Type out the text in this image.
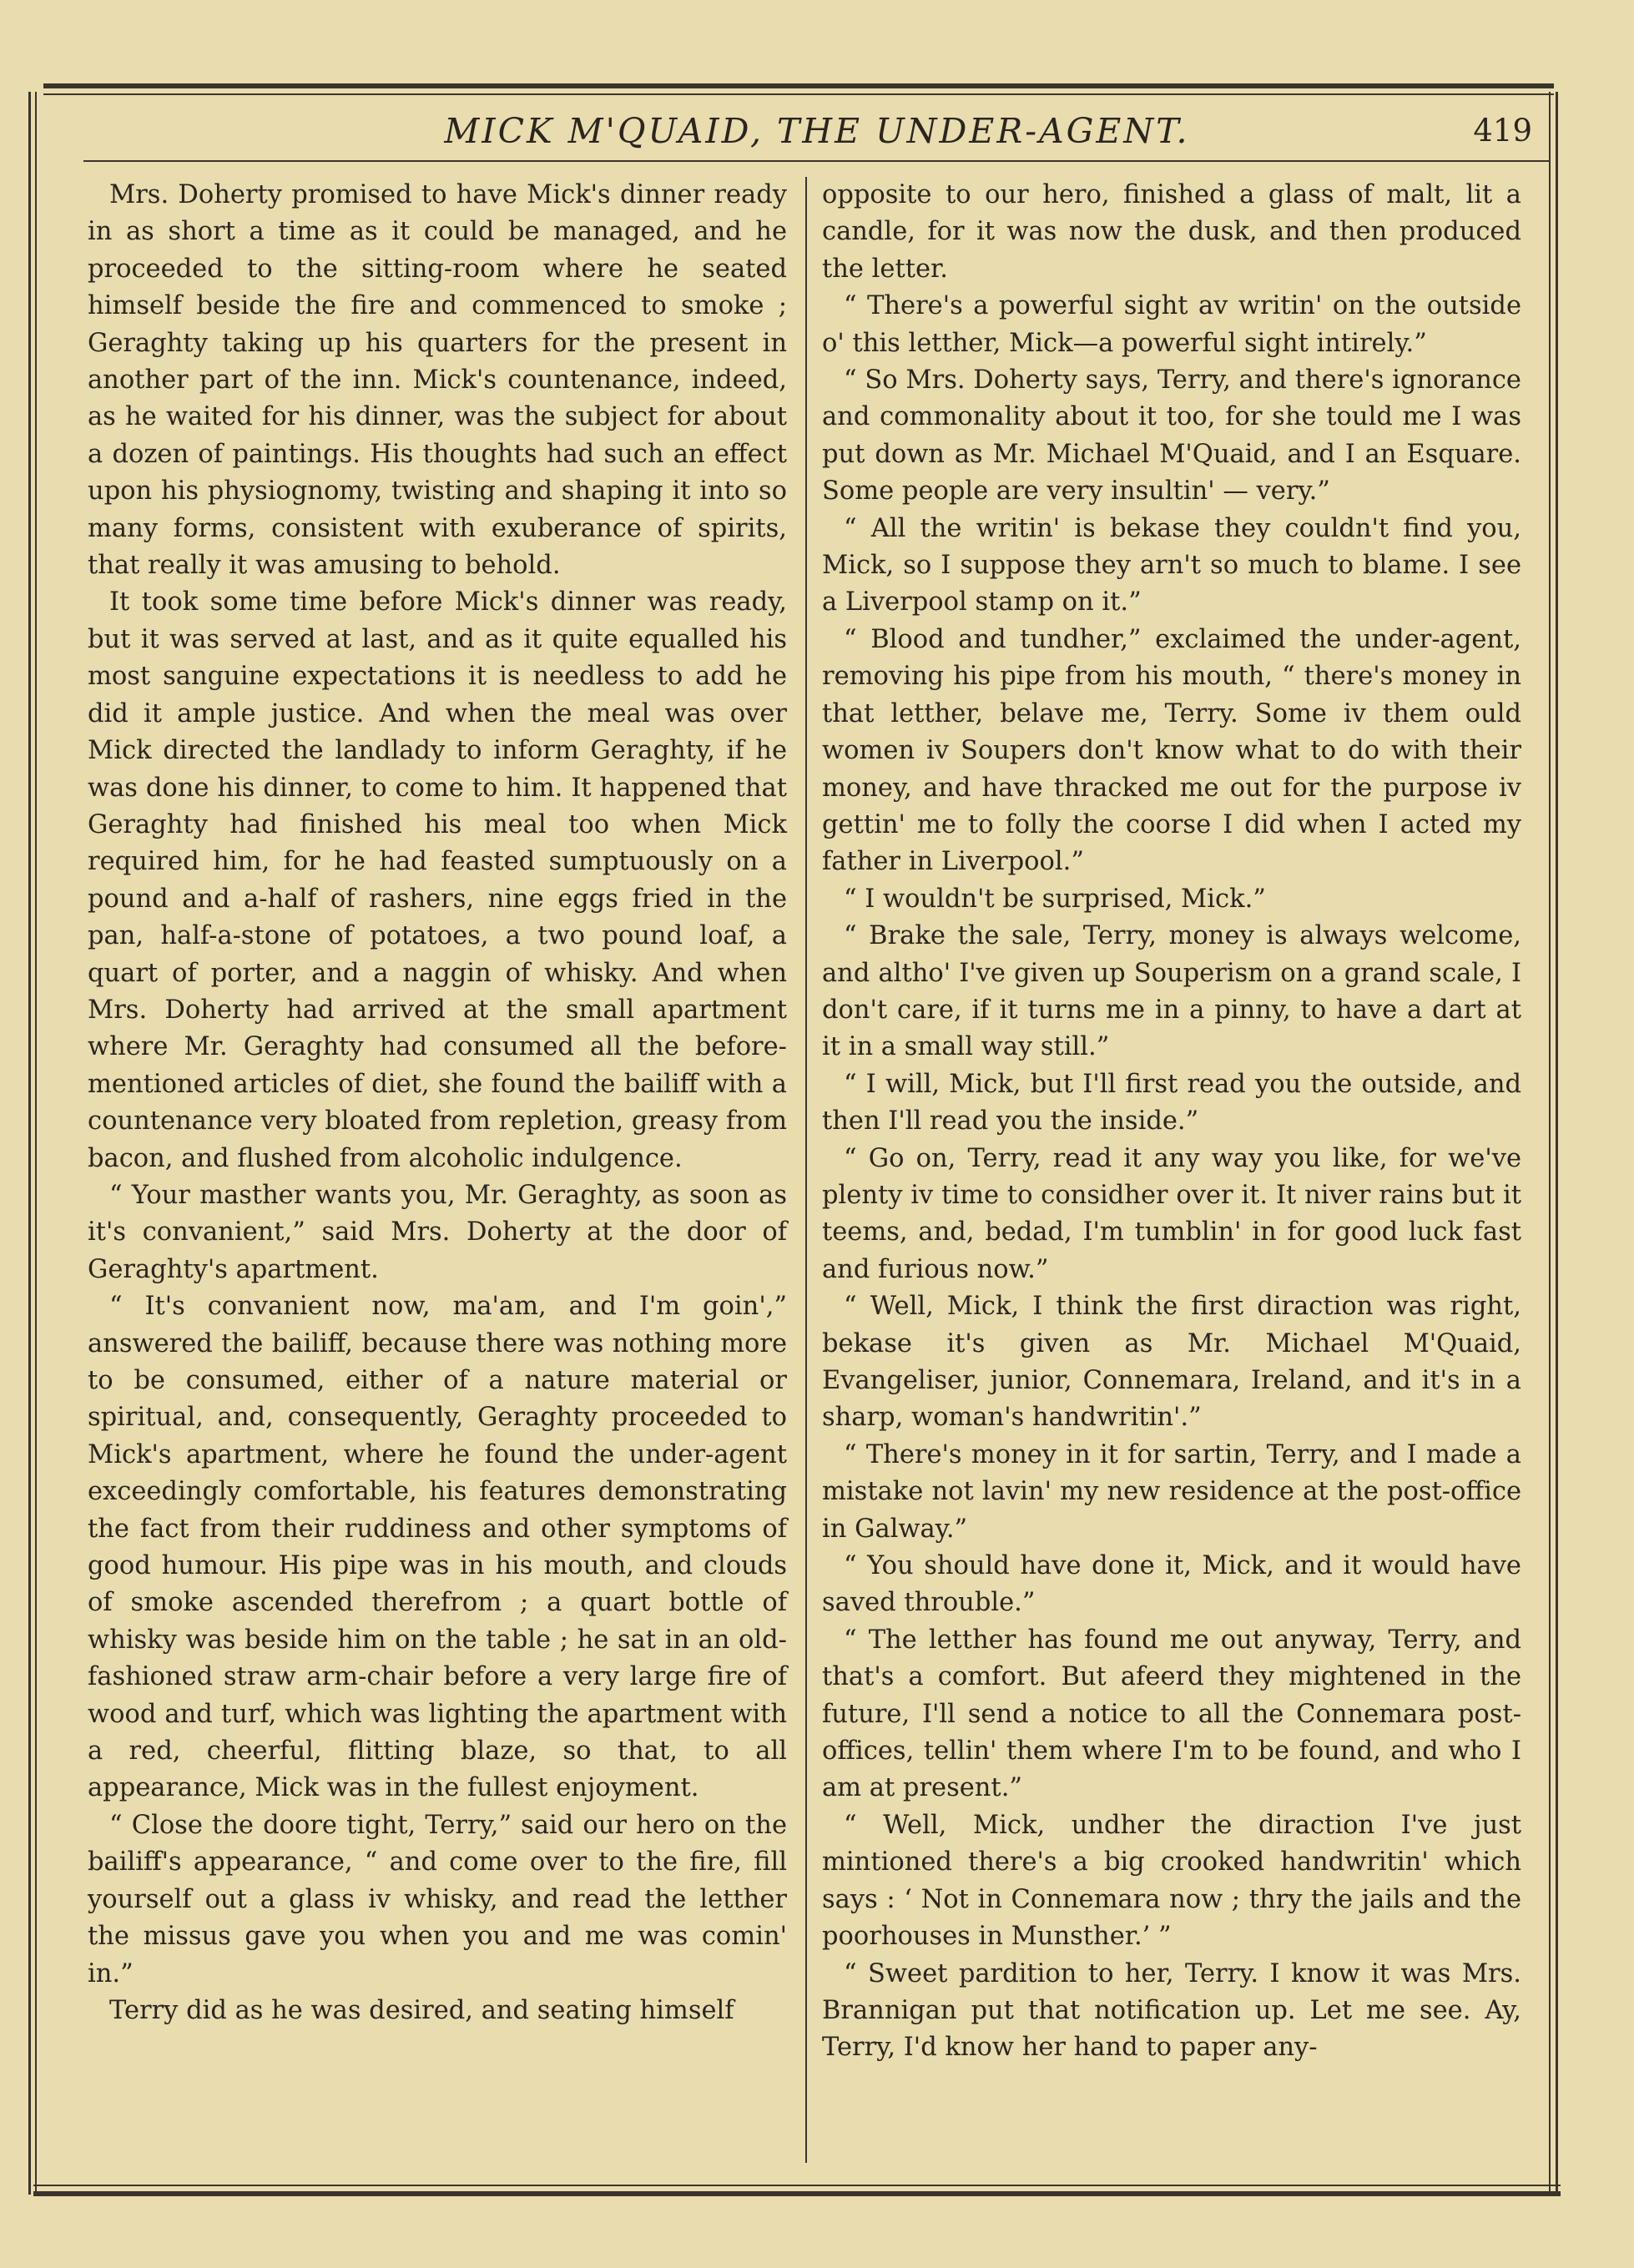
MICK M'QUAID, THE UNDER-AGENT.	419

Mrs. Doherty promised to have Mick's dinner ready in as short a time as it could be managed, and he proceeded to the sitting-room where he seated himself beside the fire and commenced to smoke ; Geraghty taking up his quarters for the present in another part of the inn. Mick's countenance, indeed, as he waited for his dinner, was the subject for about a dozen of paintings. His thoughts had such an effect upon his physiognomy, twisting and shaping it into so many forms, consistent with exuberance of spirits, that really it was amusing to behold.

It took some time before Mick's dinner was ready, but it was served at last, and as it quite equalled his most sanguine expectations it is needless to add he did it ample justice. And when the meal was over Mick directed the landlady to inform Geraghty, if he was done his dinner, to come to him. It happened that Geraghty had finished his meal too when Mick required him, for he had feasted sumptuously on a pound and a-half of rashers, nine eggs fried in the pan, half-a-stone of potatoes, a two pound loaf, a quart of porter, and a naggin of whisky. And when Mrs. Doherty had arrived at the small apartment where Mr. Geraghty had consumed all the before-mentioned articles of diet, she found the bailiff with a countenance very bloated from repletion, greasy from bacon, and flushed from alcoholic indulgence.

“ Your masther wants you, Mr. Geraghty, as soon as it's convanient,” said Mrs. Doherty at the door of Geraghty's apartment.

“ It's convanient now, ma'am, and I'm goin',” answered the bailiff, because there was nothing more to be consumed, either of a nature material or spiritual, and, consequently, Geraghty proceeded to Mick's apartment, where he found the under-agent exceedingly comfortable, his features demonstrating the fact from their ruddiness and other symptoms of good humour. His pipe was in his mouth, and clouds of smoke ascended therefrom ; a quart bottle of whisky was beside him on the table ; he sat in an old-fashioned straw arm-chair before a very large fire of wood and turf, which was lighting the apartment with a red, cheerful, flitting blaze, so that, to all appearance, Mick was in the fullest enjoyment.

“ Close the doore tight, Terry,” said our hero on the bailiff's appearance, “ and come over to the fire, fill yourself out a glass iv whisky, and read the letther the missus gave you when you and me was comin' in.”

Terry did as he was desired, and seating himself

opposite to our hero, finished a glass of malt, lit a candle, for it was now the dusk, and then produced the letter.

“ There's a powerful sight av writin' on the outside o' this letther, Mick—a powerful sight intirely.”

“ So Mrs. Doherty says, Terry, and there's ignorance and commonality about it too, for she tould me I was put down as Mr. Michael M'Quaid, and I an Esquare. Some people are very insultin' — very.”

“ All the writin' is bekase they couldn't find you, Mick, so I suppose they arn't so much to blame. I see a Liverpool stamp on it.”

“ Blood and tundher,” exclaimed the under-agent, removing his pipe from his mouth, “ there's money in that letther, belave me, Terry. Some iv them ould women iv Soupers don't know what to do with their money, and have thracked me out for the purpose iv gettin' me to folly the coorse I did when I acted my father in Liverpool.”

“ I wouldn't be surprised, Mick.”

“ Brake the sale, Terry, money is always welcome, and altho' I've given up Souperism on a grand scale, I don't care, if it turns me in a pinny, to have a dart at it in a small way still.”

“ I will, Mick, but I'll first read you the outside, and then I'll read you the inside.”

“ Go on, Terry, read it any way you like, for we've plenty iv time to considher over it. It niver rains but it teems, and, bedad, I'm tumblin' in for good luck fast and furious now.”

“ Well, Mick, I think the first diraction was right, bekase it's given as Mr. Michael M'Quaid, Evangeliser, junior, Connemara, Ireland, and it's in a sharp, woman's handwritin'.”

“ There's money in it for sartin, Terry, and I made a mistake not lavin' my new residence at the post-office in Galway.”

“ You should have done it, Mick, and it would have saved throuble.”

“ The letther has found me out anyway, Terry, and that's a comfort. But afeerd they mightened in the future, I'll send a notice to all the Connemara post-offices, tellin' them where I'm to be found, and who I am at present.”

“ Well, Mick, undher the diraction I've just mintioned there's a big crooked handwritin' which says : ‘ Not in Connemara now ; thry the jails and the poorhouses in Munsther.’ ”

“ Sweet pardition to her, Terry. I know it was Mrs. Brannigan put that notification up. Let me see. Ay, Terry, I'd know her hand to paper any-
